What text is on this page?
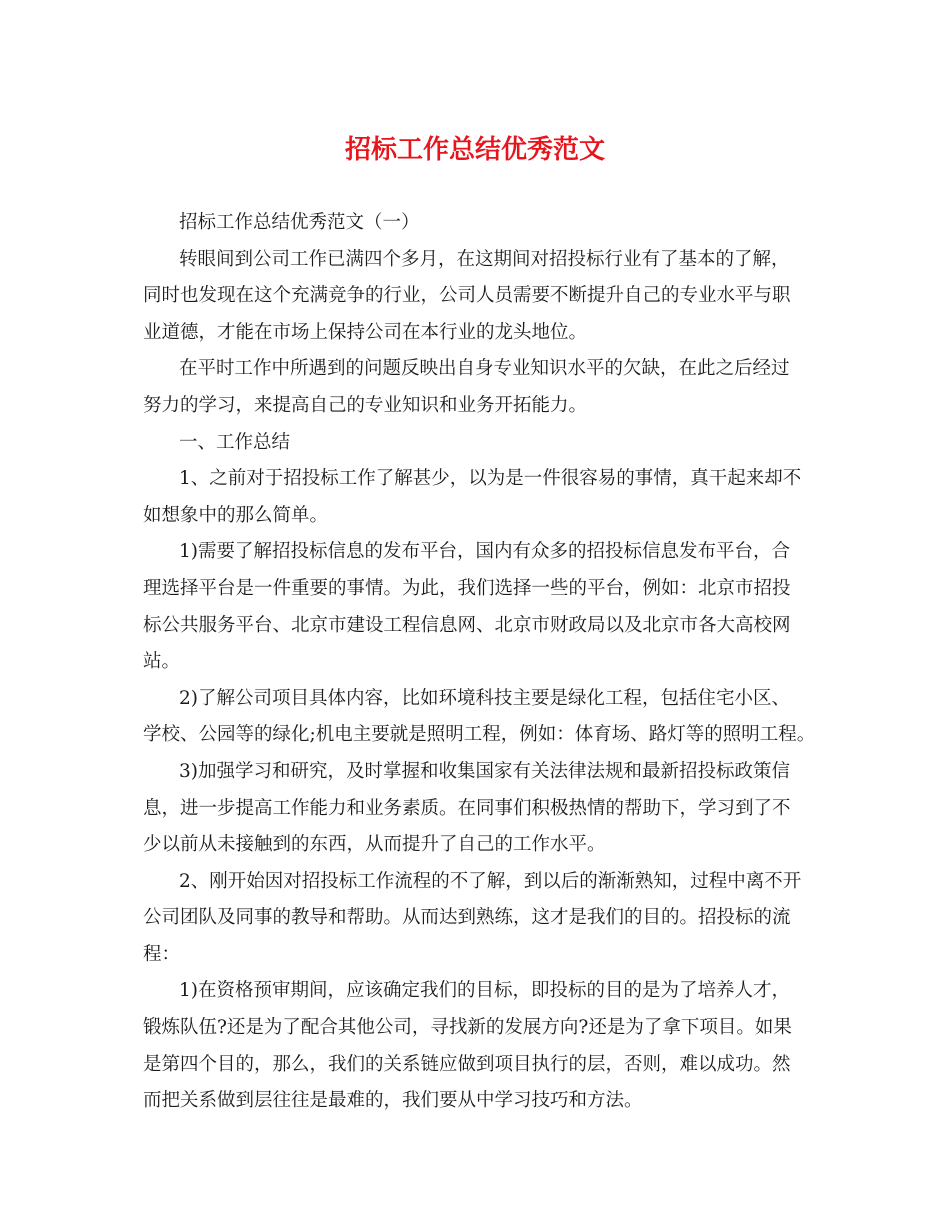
招标工作总结优秀范文
招标工作总结优秀范文（一）
转眼间到公司工作已满四个多月，在这期间对招投标行业有了基本的了解，
同时也发现在这个充满竞争的行业，公司人员需要不断提升自己的专业水平与职
业道德，才能在市场上保持公司在本行业的龙头地位。
在平时工作中所遇到的问题反映出自身专业知识水平的欠缺，在此之后经过
努力的学习，来提高自己的专业知识和业务开拓能力。
一、工作总结
1、之前对于招投标工作了解甚少，以为是一件很容易的事情，真干起来却不
如想象中的那么简单。
1)需要了解招投标信息的发布平台，国内有众多的招投标信息发布平台，合
理选择平台是一件重要的事情。为此，我们选择一些的平台，例如：北京市招投
标公共服务平台、北京市建设工程信息网、北京市财政局以及北京市各大高校网
站。
2)了解公司项目具体内容，比如环境科技主要是绿化工程，包括住宅小区、
学校、公园等的绿化;机电主要就是照明工程，例如：体育场、路灯等的照明工程。
3)加强学习和研究，及时掌握和收集国家有关法律法规和最新招投标政策信
息，进一步提高工作能力和业务素质。在同事们积极热情的帮助下，学习到了不
少以前从未接触到的东西，从而提升了自己的工作水平。
2、刚开始因对招投标工作流程的不了解，到以后的渐渐熟知，过程中离不开
公司团队及同事的教导和帮助。从而达到熟练，这才是我们的目的。招投标的流
程：
1)在资格预审期间，应该确定我们的目标，即投标的目的是为了培养人才，
锻炼队伍?还是为了配合其他公司，寻找新的发展方向?还是为了拿下项目。如果
是第四个目的，那么，我们的关系链应做到项目执行的层，否则，难以成功。然
而把关系做到层往往是最难的，我们要从中学习技巧和方法。
